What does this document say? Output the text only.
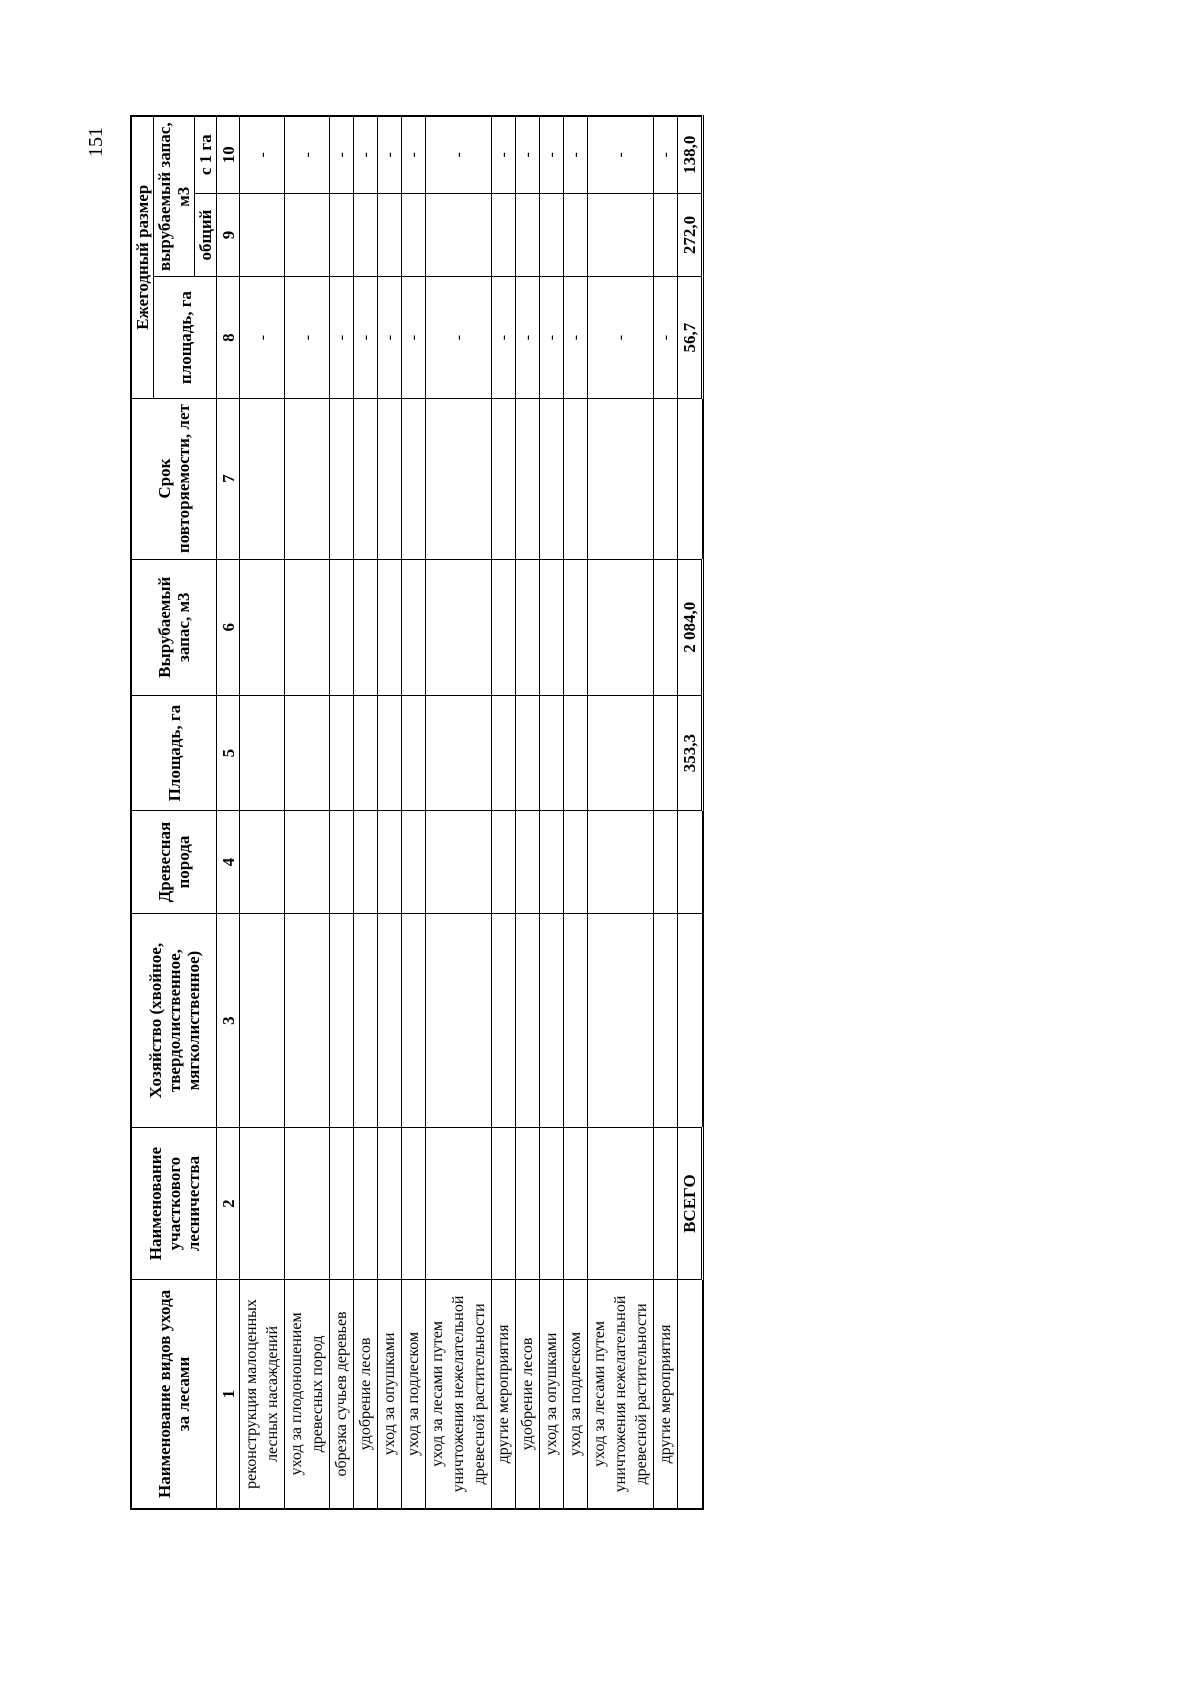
151
Наименование видов ухода за лесами	Наименование участкового лесничества	Хозяйство (хвойное, твердолиственное, мягколиственное)	Древесная порода	Площадь, га	Вырубаемый запас, м3	Срок повторяемости, лет	Ежегодный размер		
							площадь, га	вырубаемый запас, м3	
								общий	с 1 га
1	2	3	4	5	6	7	8	9	10
реконструкция малоценных лесных насаждений							-		-
уход за плодоношением древесных пород							-		-
обрезка сучьев деревьев							-		-
удобрение лесов							-		-
уход за опушками							-		-
уход за подлеском							-		-
уход за лесами путем уничтожения нежелательной древесной растительности							-		-
другие мероприятия							-		-
удобрение лесов							-		-
уход за опушками							-		-
уход за подлеском							-		-
уход за лесами путем уничтожения нежелательной древесной растительности							-		-
другие мероприятия							-		-
	ВСЕГО			353,3	2 084,0		56,7	272,0	138,0
